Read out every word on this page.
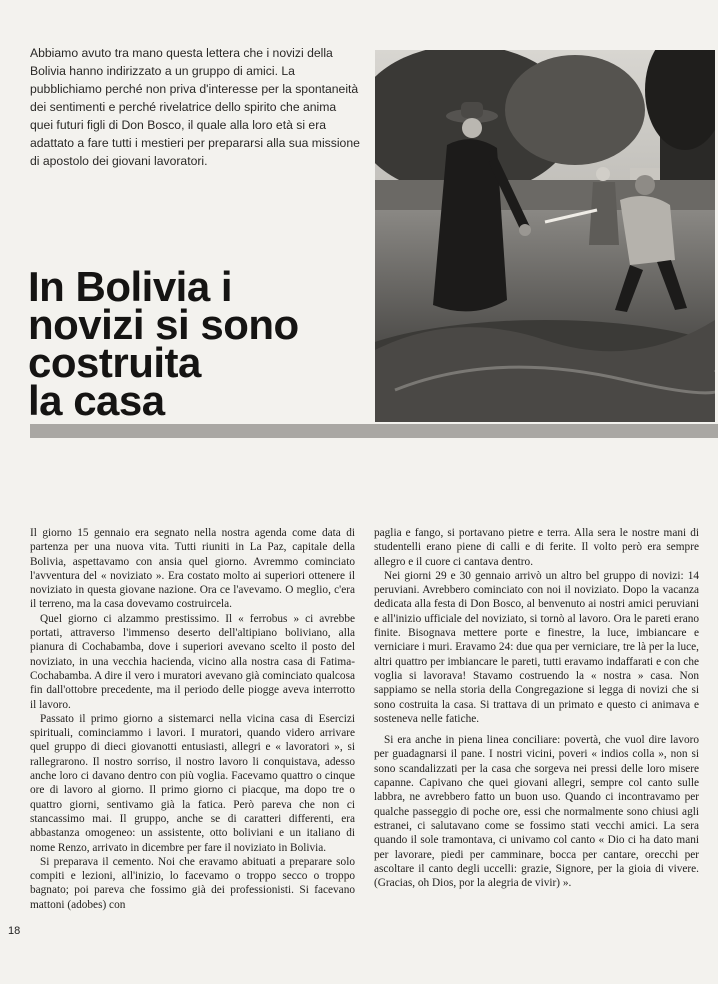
Abbiamo avuto tra mano questa lettera che i novizi della Bolivia hanno indirizzato a un gruppo di amici. La pubblichiamo perché non priva d'interesse per la spontaneità dei sentimenti e perché rivelatrice dello spirito che anima quei futuri figli di Don Bosco, il quale alla loro età si era adattato a fare tutti i mestieri per prepararsi alla sua missione di apostolo dei giovani lavoratori.
In Bolivia i
novizi si sono
costruita
la casa

Il giorno 15 gennaio era segnato nella nostra agenda come data di partenza per una nuova vita. Tutti riuniti in La Paz, capitale della Bolivia, aspettavamo con ansia quel giorno. Avremmo cominciato l'avventura del « noviziato ». Era costato molto ai superiori ottenere il noviziato in questa giovane nazione. Ora ce l'avevamo. O meglio, c'era il terreno, ma la casa dovevamo costruircela.

Quel giorno ci alzammo prestissimo. Il « ferrobus » ci avrebbe portati, attraverso l'immenso deserto dell'altipiano boliviano, alla pianura di Cochabamba, dove i superiori avevano scelto il posto del noviziato, in una vecchia hacienda, vicino alla nostra casa di Fatima-Cochabamba. A dire il vero i muratori avevano già cominciato qualcosa fin dall'ottobre precedente, ma il periodo delle piogge aveva interrotto il lavoro.

Passato il primo giorno a sistemarci nella vicina casa di Esercizi spirituali, cominciammo i lavori. I muratori, quando videro arrivare quel gruppo di dieci giovanotti entusiasti, allegri e « lavoratori », si rallegrarono. Il nostro sorriso, il nostro lavoro li conquistava, adesso anche loro ci davano dentro con più voglia. Facevamo quattro o cinque ore di lavoro al giorno. Il primo giorno ci piacque, ma dopo tre o quattro giorni, sentivamo già la fatica. Però pareva che non ci stancassimo mai. Il gruppo, anche se di caratteri differenti, era abbastanza omogeneo: un assistente, otto boliviani e un italiano di nome Renzo, arrivato in dicembre per fare il noviziato in Bolivia.

Si preparava il cemento. Noi che eravamo abituati a preparare solo compiti e lezioni, all'inizio, lo facevamo o troppo secco o troppo bagnato; poi pareva che fossimo già dei professionisti. Si facevano mattoni (adobes) con

paglia e fango, si portavano pietre e terra. Alla sera le nostre mani di studentelli erano piene di calli e di ferite. Il volto però era sempre allegro e il cuore ci cantava dentro.

Nei giorni 29 e 30 gennaio arrivò un altro bel gruppo di novizi: 14 peruviani. Avrebbero cominciato con noi il noviziato. Dopo la vacanza dedicata alla festa di Don Bosco, al benvenuto ai nostri amici peruviani e all'inizio ufficiale del noviziato, si tornò al lavoro. Ora le pareti erano finite. Bisognava mettere porte e finestre, la luce, imbiancare e verniciare i muri. Eravamo 24: due qua per verniciare, tre là per la luce, altri quattro per imbiancare le pareti, tutti eravamo indaffarati e con che voglia si lavorava! Stavamo costruendo la « nostra » casa. Non sappiamo se nella storia della Congregazione si legga di novizi che si sono costruita la casa. Si trattava di un primato e questo ci animava e sosteneva nelle fatiche.

Si era anche in piena linea conciliare: povertà, che vuol dire lavoro per guadagnarsi il pane. I nostri vicini, poveri « indios colla », non si sono scandalizzati per la casa che sorgeva nei pressi delle loro misere capanne. Capivano che quei giovani allegri, sempre col canto sulle labbra, ne avrebbero fatto un buon uso. Quando ci incontravamo per qualche passeggio di poche ore, essi che normalmente sono chiusi agli estranei, ci salutavano come se fossimo stati vecchi amici. La sera quando il sole tramontava, ci univamo col canto « Dio ci ha dato mani per lavorare, piedi per camminare, bocca per cantare, orecchi per ascoltare il canto degli uccelli: grazie, Signore, per la gioia di vivere. (Gracias, oh Dios, por la alegria de vivir) ».

18
